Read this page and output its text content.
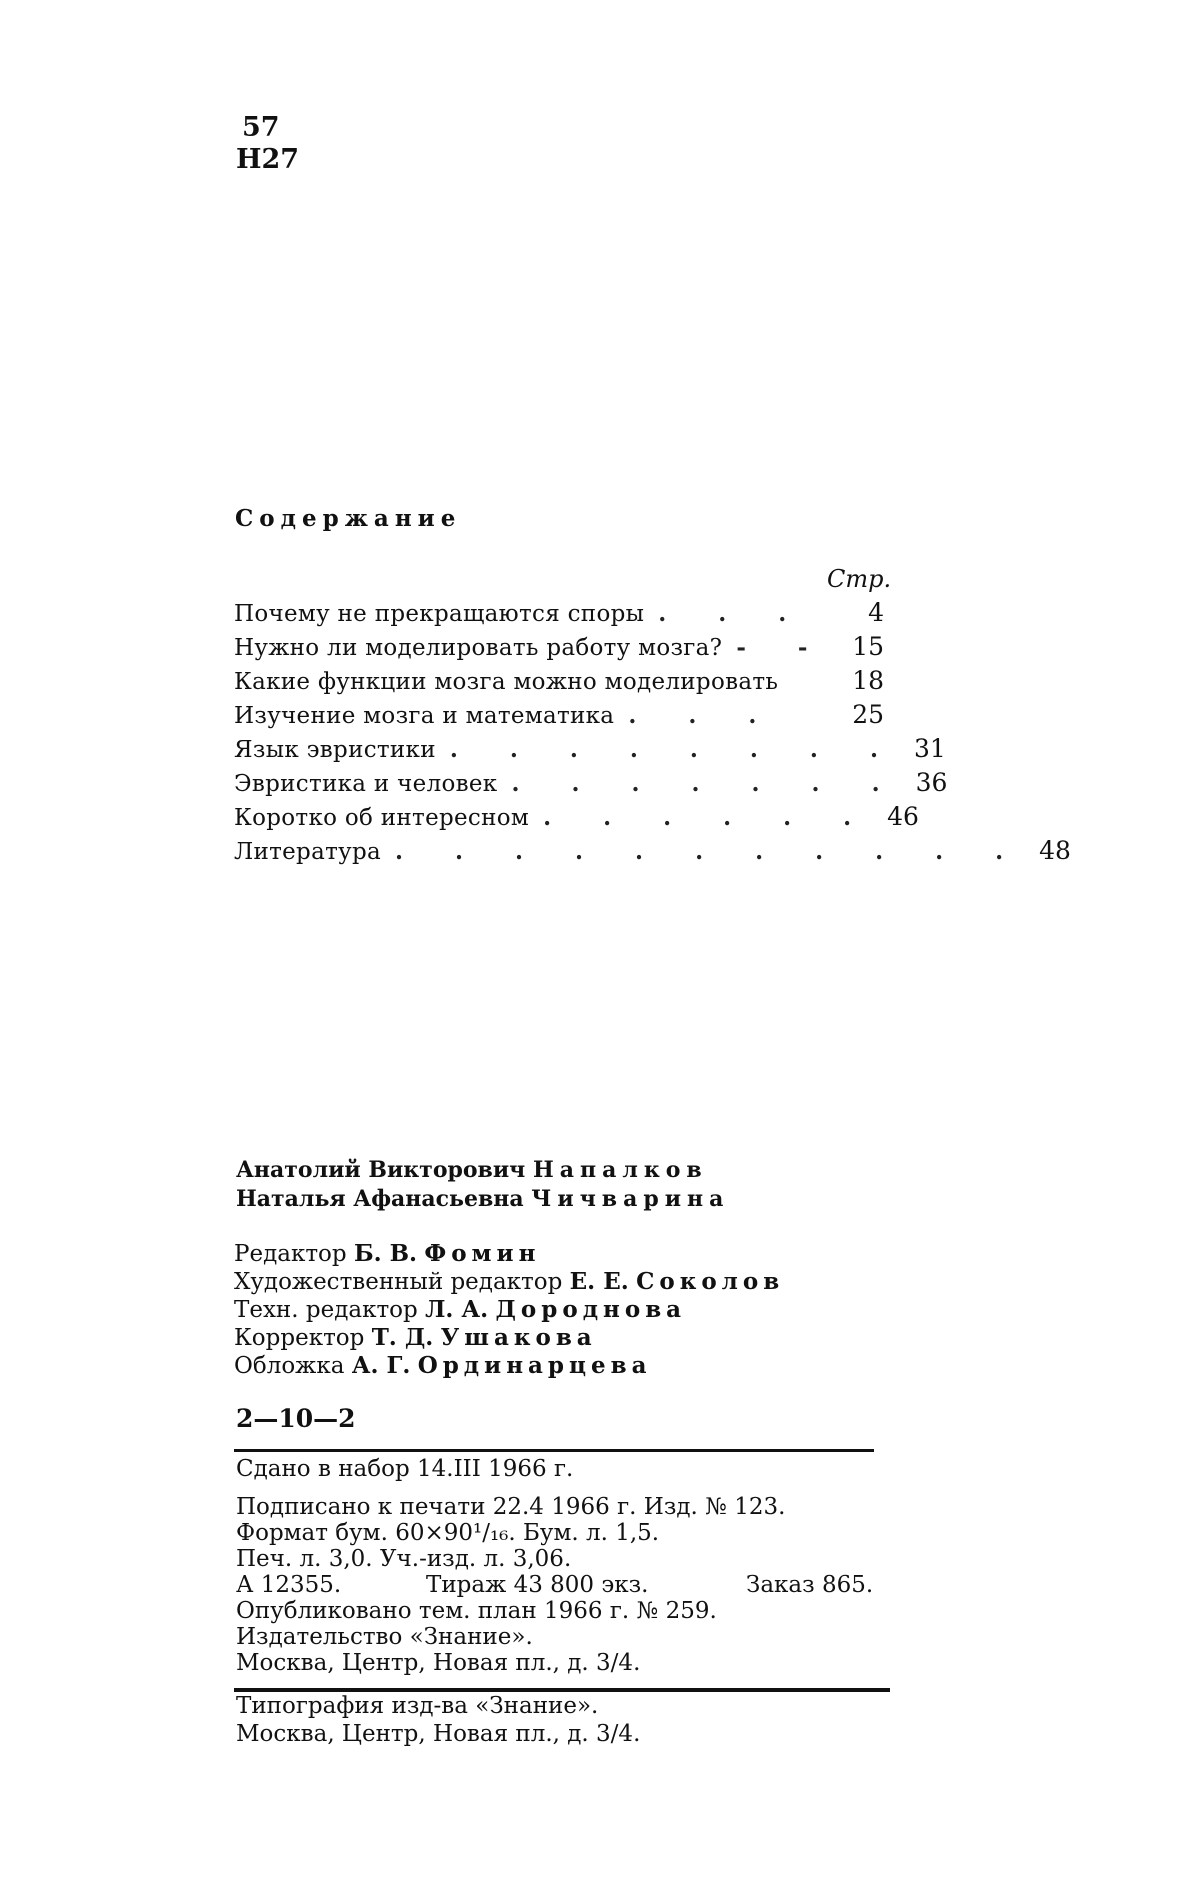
57
Н27
Содержание
Стр.
Почему не прекращаются споры . . .	4
Нужно ли моделировать работу мозга? - - 15
Какие функции мозга можно моделировать	18
Изучение мозга и математика . . .	25
Язык эвристики . . . . . . . . 31
Эвристика и человек . . . . . . . 36
Коротко об интересном . . . . . . 46
Литература . . . . . . . . . . . 48
Анатолий Викторович Напалков
Наталья Афанасьевна Чичварина
Редактор Б. В. Фомин
Художественный редактор Е. Е. Соколов
Техн. редактор Л. А. Дороднова
Корректор Т. Д. Ушакова
Обложка А. Г. Ординарцева
2—10—2
Сдано в набор 14.III 1966 г.
Подписано к печати 22.4 1966 г. Изд. № 123.
Формат бум. 60×90¹/₁₆. Бум. л. 1,5.
Печ. л. 3,0. Уч.-изд. л. 3,06.
А 12355.	Тираж 43 800 экз.	Заказ 865.
Опубликовано тем. план 1966 г. № 259.
Издательство «Знание».
Москва, Центр, Новая пл., д. 3/4.
Типография изд-ва «Знание».
Москва, Центр, Новая пл., д. 3/4.
